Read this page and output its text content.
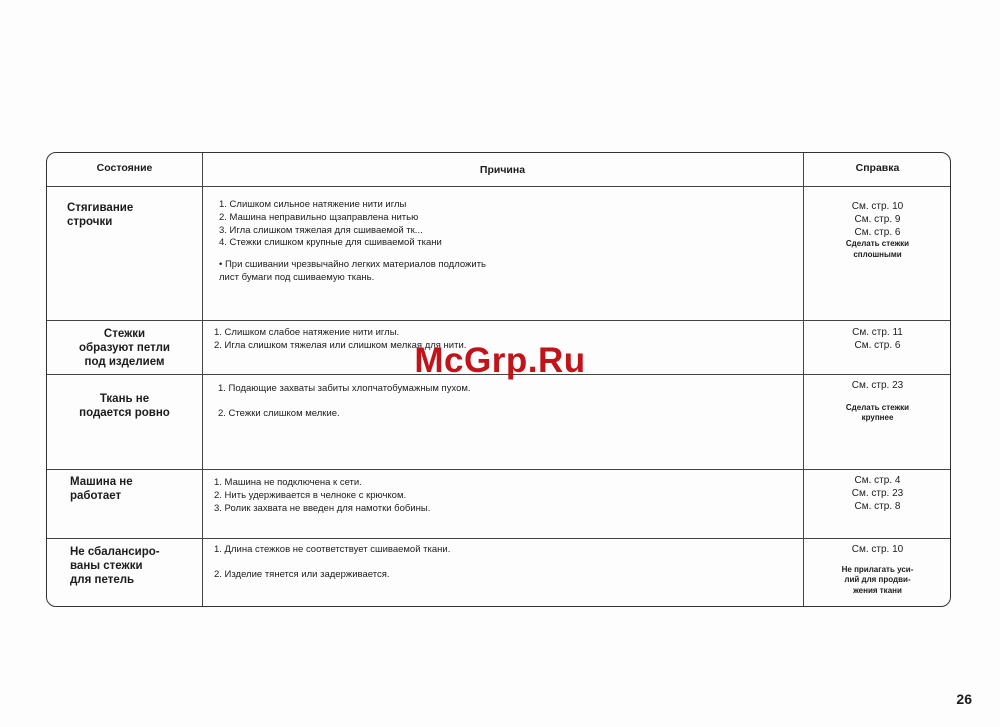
Состояние	Причина	Справка
Стягивание
строчки
1. Слишком сильное натяжение нити иглы
2. Машина неправильно щзаправлена нитью
3. Игла слишком тяжелая для сшиваемой тк...
4. Стежки слишком крупные для сшиваемой ткани
• При сшивании чрезвычайно легких материалов подложить
лист бумаги под сшиваемую ткань.
См. стр. 10
См. стр. 9
См. стр. 6
Сделать стежки
сплошными
Стежки
образуют петли
под изделием
1. Слишком слабое натяжение нити иглы.
2. Игла слишком тяжелая или слишком мелкая для нити.
См. стр. 11
См. стр. 6
Ткань не
подается ровно
1. Подающие захваты забиты хлопчатобумажным пухом.
2. Стежки слишком мелкие.
См. стр. 23
Сделать стежки
крупнее
Машина не
работает
1. Машина не подключена к сети.
2. Нить удерживается в челноке с крючком.
3. Ролик захвата не введен для намотки бобины.
См. стр. 4
См. стр. 23
См. стр. 8
Не сбалансиро-
ваны стежки
для петель
1. Длина стежков не соответствует сшиваемой ткани.
2. Изделие тянется или задерживается.
См. стр. 10
Не прилагать уси-
лий для продви-
жения ткани
McGrp.Ru
26
